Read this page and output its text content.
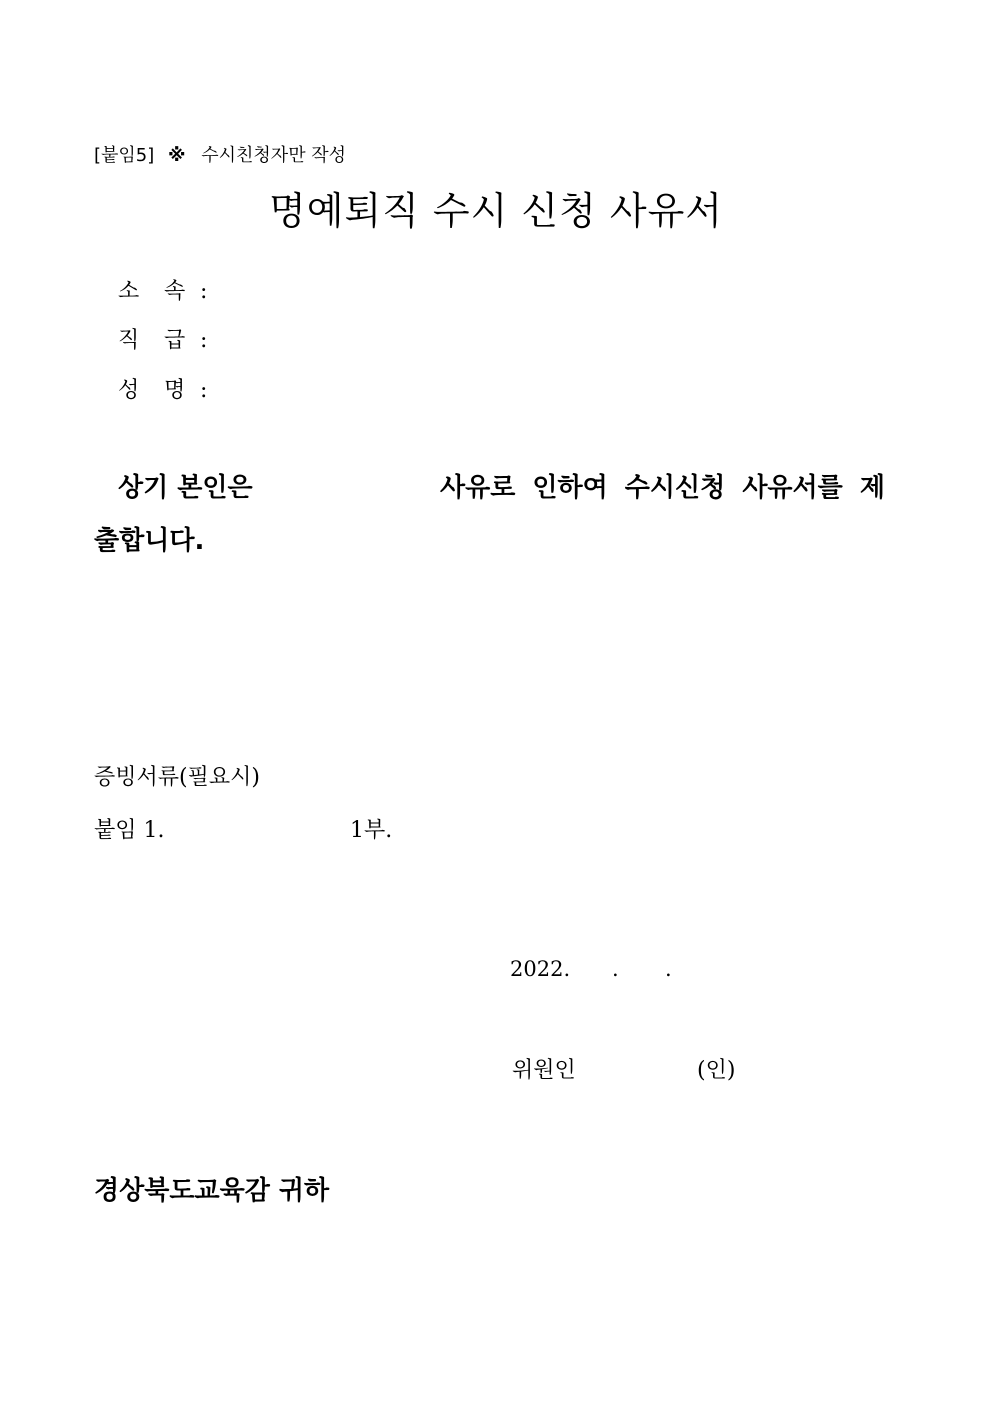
[붙임5] ※ 수시친청자만 작성
명예퇴직 수시 신청 사유서
소 속 :
직 급 :
성 명 :
상기 본인은	사유로 인하여 수시신청 사유서를 제
출합니다.
증빙서류(필요시)
붙임 1.	1부.
2022. . .
위원인	(인)
경상북도교육감 귀하
